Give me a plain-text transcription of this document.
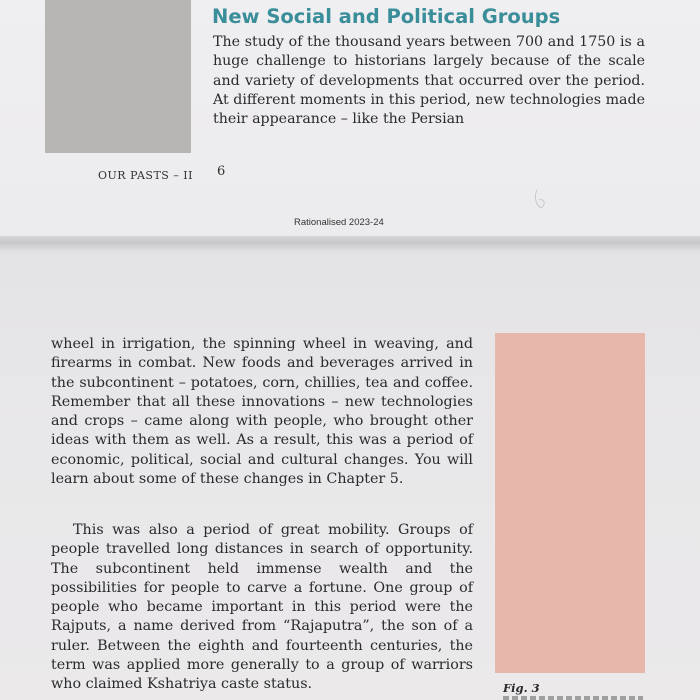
New Social and Political Groups
The study of the thousand years between 700 and 1750 is a huge challenge to historians largely because of the scale and variety of developments that occurred over the period. At different moments in this period, new technologies made their appearance – like the Persian
OUR PASTS – II 6
Rationalised 2023-24

wheel in irrigation, the spinning wheel in weaving, and firearms in combat. New foods and beverages arrived in the subcontinent – potatoes, corn, chillies, tea and coffee. Remember that all these innovations – new technologies and crops – came along with people, who brought other ideas with them as well. As a result, this was a period of economic, political, social and cultural changes. You will learn about some of these changes in Chapter 5.

This was also a period of great mobility. Groups of people travelled long distances in search of opportunity. The subcontinent held immense wealth and the possibilities for people to carve a fortune. One group of people who became important in this period were the Rajputs, a name derived from “Rajaputra”, the son of a ruler. Between the eighth and fourteenth centuries, the term was applied more generally to a group of warriors who claimed Kshatriya caste status.	Fig. 3
